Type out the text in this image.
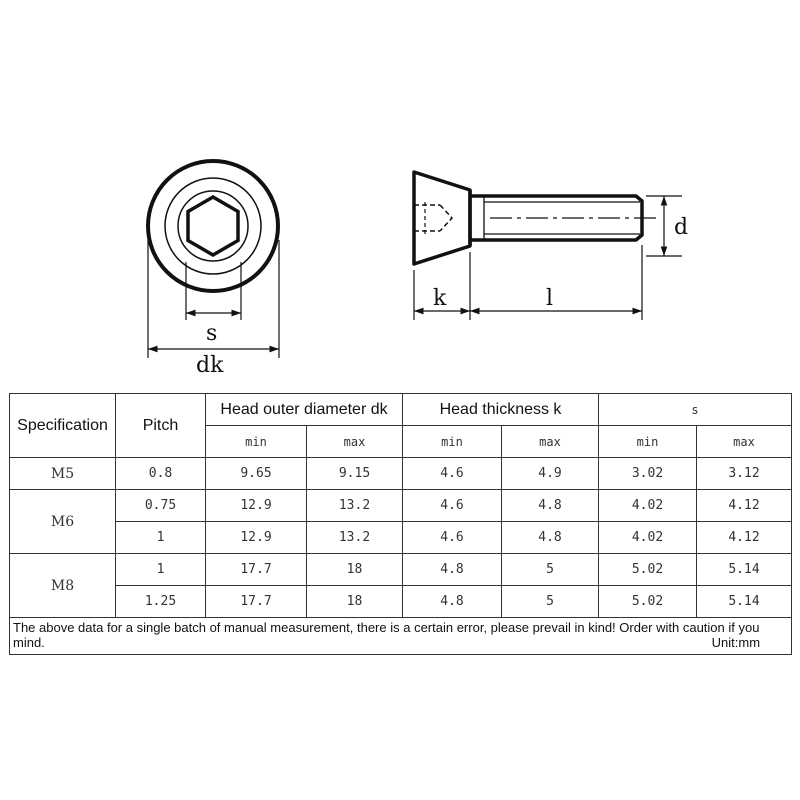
s
dk
k	l
d
Specification	Pitch	Head outer diameter dk		Head thickness k		s	
		min	max	min	max	min	max
M5	0.8	9.65	9.15	4.6	4.9	3.02	3.12
M6	0.75	12.9	13.2	4.6	4.8	4.02	4.12
	1	12.9	13.2	4.6	4.8	4.02	4.12
M8	1	17.7	18	4.8	5	5.02	5.14
	1.25	17.7	18	4.8	5	5.02	5.14
The above data for a single batch of manual measurement, there is a certain error, please prevail in kind! Order with caution if you mind. Unit:mm							
